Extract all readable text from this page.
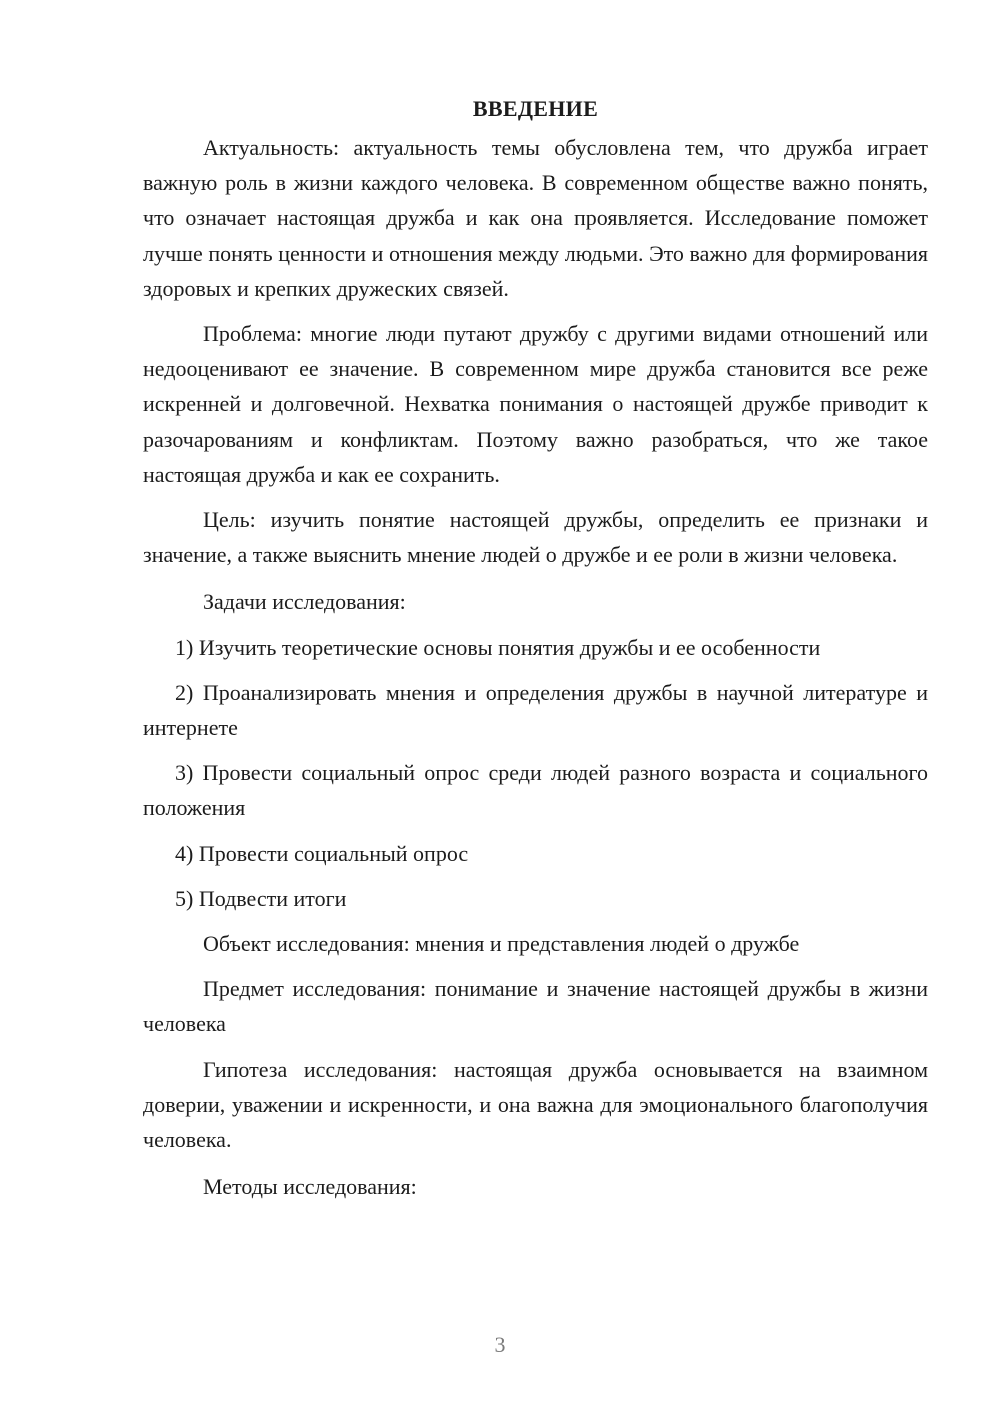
ВВЕДЕНИЕ

Актуальность: актуальность темы обусловлена тем, что дружба играет важную роль в жизни каждого человека. В современном обществе важно понять, что означает настоящая дружба и как она проявляется. Исследование поможет лучше понять ценности и отношения между людьми. Это важно для формирования здоровых и крепких дружеских связей.

Проблема: многие люди путают дружбу с другими видами отношений или недооценивают ее значение. В современном мире дружба становится все реже искренней и долговечной. Нехватка понимания о настоящей дружбе приводит к разочарованиям и конфликтам. Поэтому важно разобраться, что же такое настоящая дружба и как ее сохранить.

Цель: изучить понятие настоящей дружбы, определить ее признаки и значение, а также выяснить мнение людей о дружбе и ее роли в жизни человека.

Задачи исследования:

1) Изучить теоретические основы понятия дружбы и ее особенности

2) Проанализировать мнения и определения дружбы в научной литературе и интернете

3) Провести социальный опрос среди людей разного возраста и социального положения

4) Провести социальный опрос

5) Подвести итоги

Объект исследования: мнения и представления людей о дружбе

Предмет исследования: понимание и значение настоящей дружбы в жизни человека

Гипотеза исследования: настоящая дружба основывается на взаимном доверии, уважении и искренности, и она важна для эмоционального благополучия человека.

Методы исследования:

3
